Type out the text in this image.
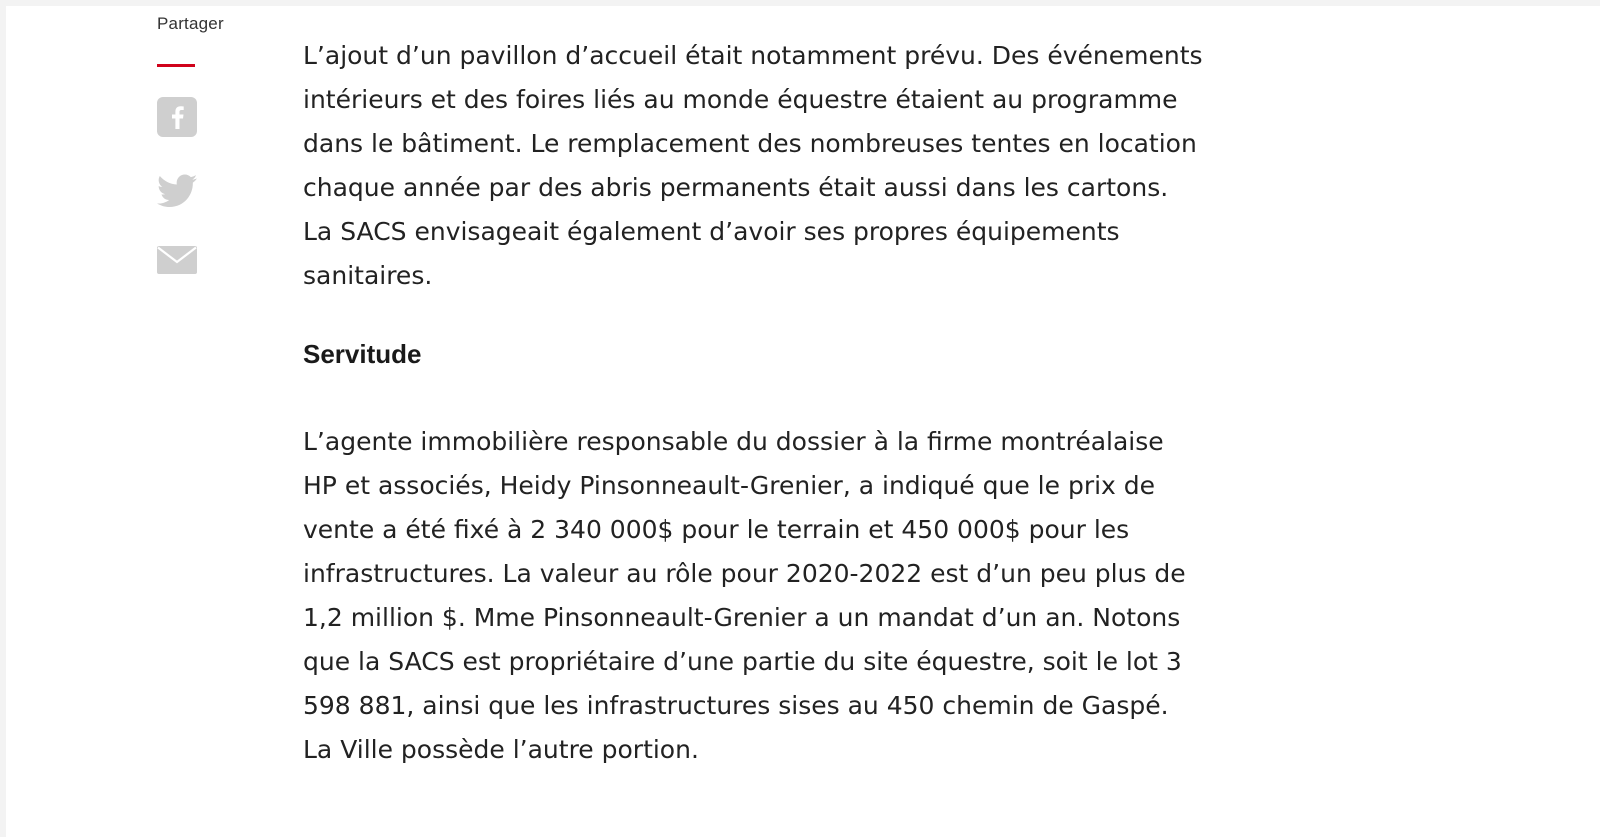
Partager

L’ajout d’un pavillon d’accueil était notamment prévu. Des événements intérieurs et des foires liés au monde équestre étaient au programme dans le bâtiment. Le remplacement des nombreuses tentes en location chaque année par des abris permanents était aussi dans les cartons. La SACS envisageait également d’avoir ses propres équipements sanitaires.

Servitude

L’agente immobilière responsable du dossier à la firme montréalaise HP et associés, Heidy Pinsonneault-Grenier, a indiqué que le prix de vente a été fixé à 2 340 000$ pour le terrain et 450 000$ pour les infrastructures. La valeur au rôle pour 2020-2022 est d’un peu plus de 1,2 million $. Mme Pinsonneault-Grenier a un mandat d’un an. Notons que la SACS est propriétaire d’une partie du site équestre, soit le lot 3 598 881, ainsi que les infrastructures sises au 450 chemin de Gaspé. La Ville possède l’autre portion.
